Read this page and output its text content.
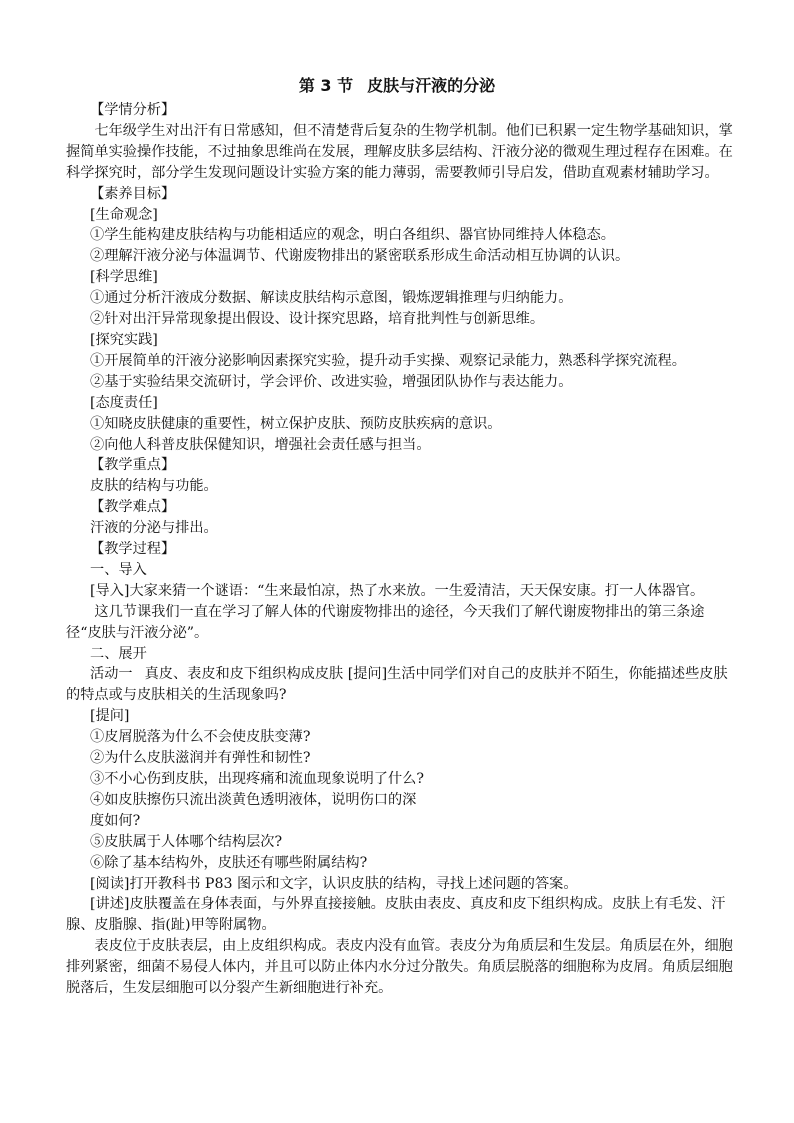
第 3 节 皮肤与汗液的分泌

【学情分析】

七年级学生对出汗有日常感知，但不清楚背后复杂的生物学机制。他们已积累一定生物学基础知识，掌握简单实验操作技能，不过抽象思维尚在发展，理解皮肤多层结构、汗液分泌的微观生理过程存在困难。在科学探究时，部分学生发现问题设计实验方案的能力薄弱，需要教师引导启发，借助直观素材辅助学习。

【素养目标】

[生命观念]

①学生能构建皮肤结构与功能相适应的观念，明白各组织、器官协同维持人体稳态。

②理解汗液分泌与体温调节、代谢废物排出的紧密联系形成生命活动相互协调的认识。

[科学思维]

①通过分析汗液成分数据、解读皮肤结构示意图，锻炼逻辑推理与归纳能力。

②针对出汗异常现象提出假设、设计探究思路，培育批判性与创新思维。

[探究实践]

①开展简单的汗液分泌影响因素探究实验，提升动手实操、观察记录能力，熟悉科学探究流程。

②基于实验结果交流研讨，学会评价、改进实验，增强团队协作与表达能力。

[态度责任]

①知晓皮肤健康的重要性，树立保护皮肤、预防皮肤疾病的意识。

②向他人科普皮肤保健知识，增强社会责任感与担当。

【教学重点】

皮肤的结构与功能。

【教学难点】

汗液的分泌与排出。

【教学过程】

一、导入

[导入]大家来猜一个谜语：“生来最怕凉，热了水来放。一生爱清洁，天天保安康。打一人体器官。

这几节课我们一直在学习了解人体的代谢废物排出的途径，今天我们了解代谢废物排出的第三条途径“皮肤与汗液分泌”。

二、展开

活动一 真皮、表皮和皮下组织构成皮肤 [提问]生活中同学们对自己的皮肤并不陌生，你能描述些皮肤的特点或与皮肤相关的生活现象吗?

[提问]

①皮屑脱落为什么不会使皮肤变薄?

②为什么皮肤滋润并有弹性和韧性?

③不小心伤到皮肤，出现疼痛和流血现象说明了什么?

④如皮肤擦伤只流出淡黄色透明液体，说明伤口的深

度如何?

⑤皮肤属于人体哪个结构层次?

⑥除了基本结构外，皮肤还有哪些附属结构?

[阅读]打开教科书 P83 图示和文字，认识皮肤的结构，寻找上述问题的答案。

[讲述]皮肤覆盖在身体表面，与外界直接接触。皮肤由表皮、真皮和皮下组织构成。皮肤上有毛发、汗腺、皮脂腺、指(趾)甲等附属物。

表皮位于皮肤表层，由上皮组织构成。表皮内没有血管。表皮分为角质层和生发层。角质层在外，细胞排列紧密，细菌不易侵人体内，并且可以防止体内水分过分散失。角质层脱落的细胞称为皮屑。角质层细胞脱落后，生发层细胞可以分裂产生新细胞进行补充。
